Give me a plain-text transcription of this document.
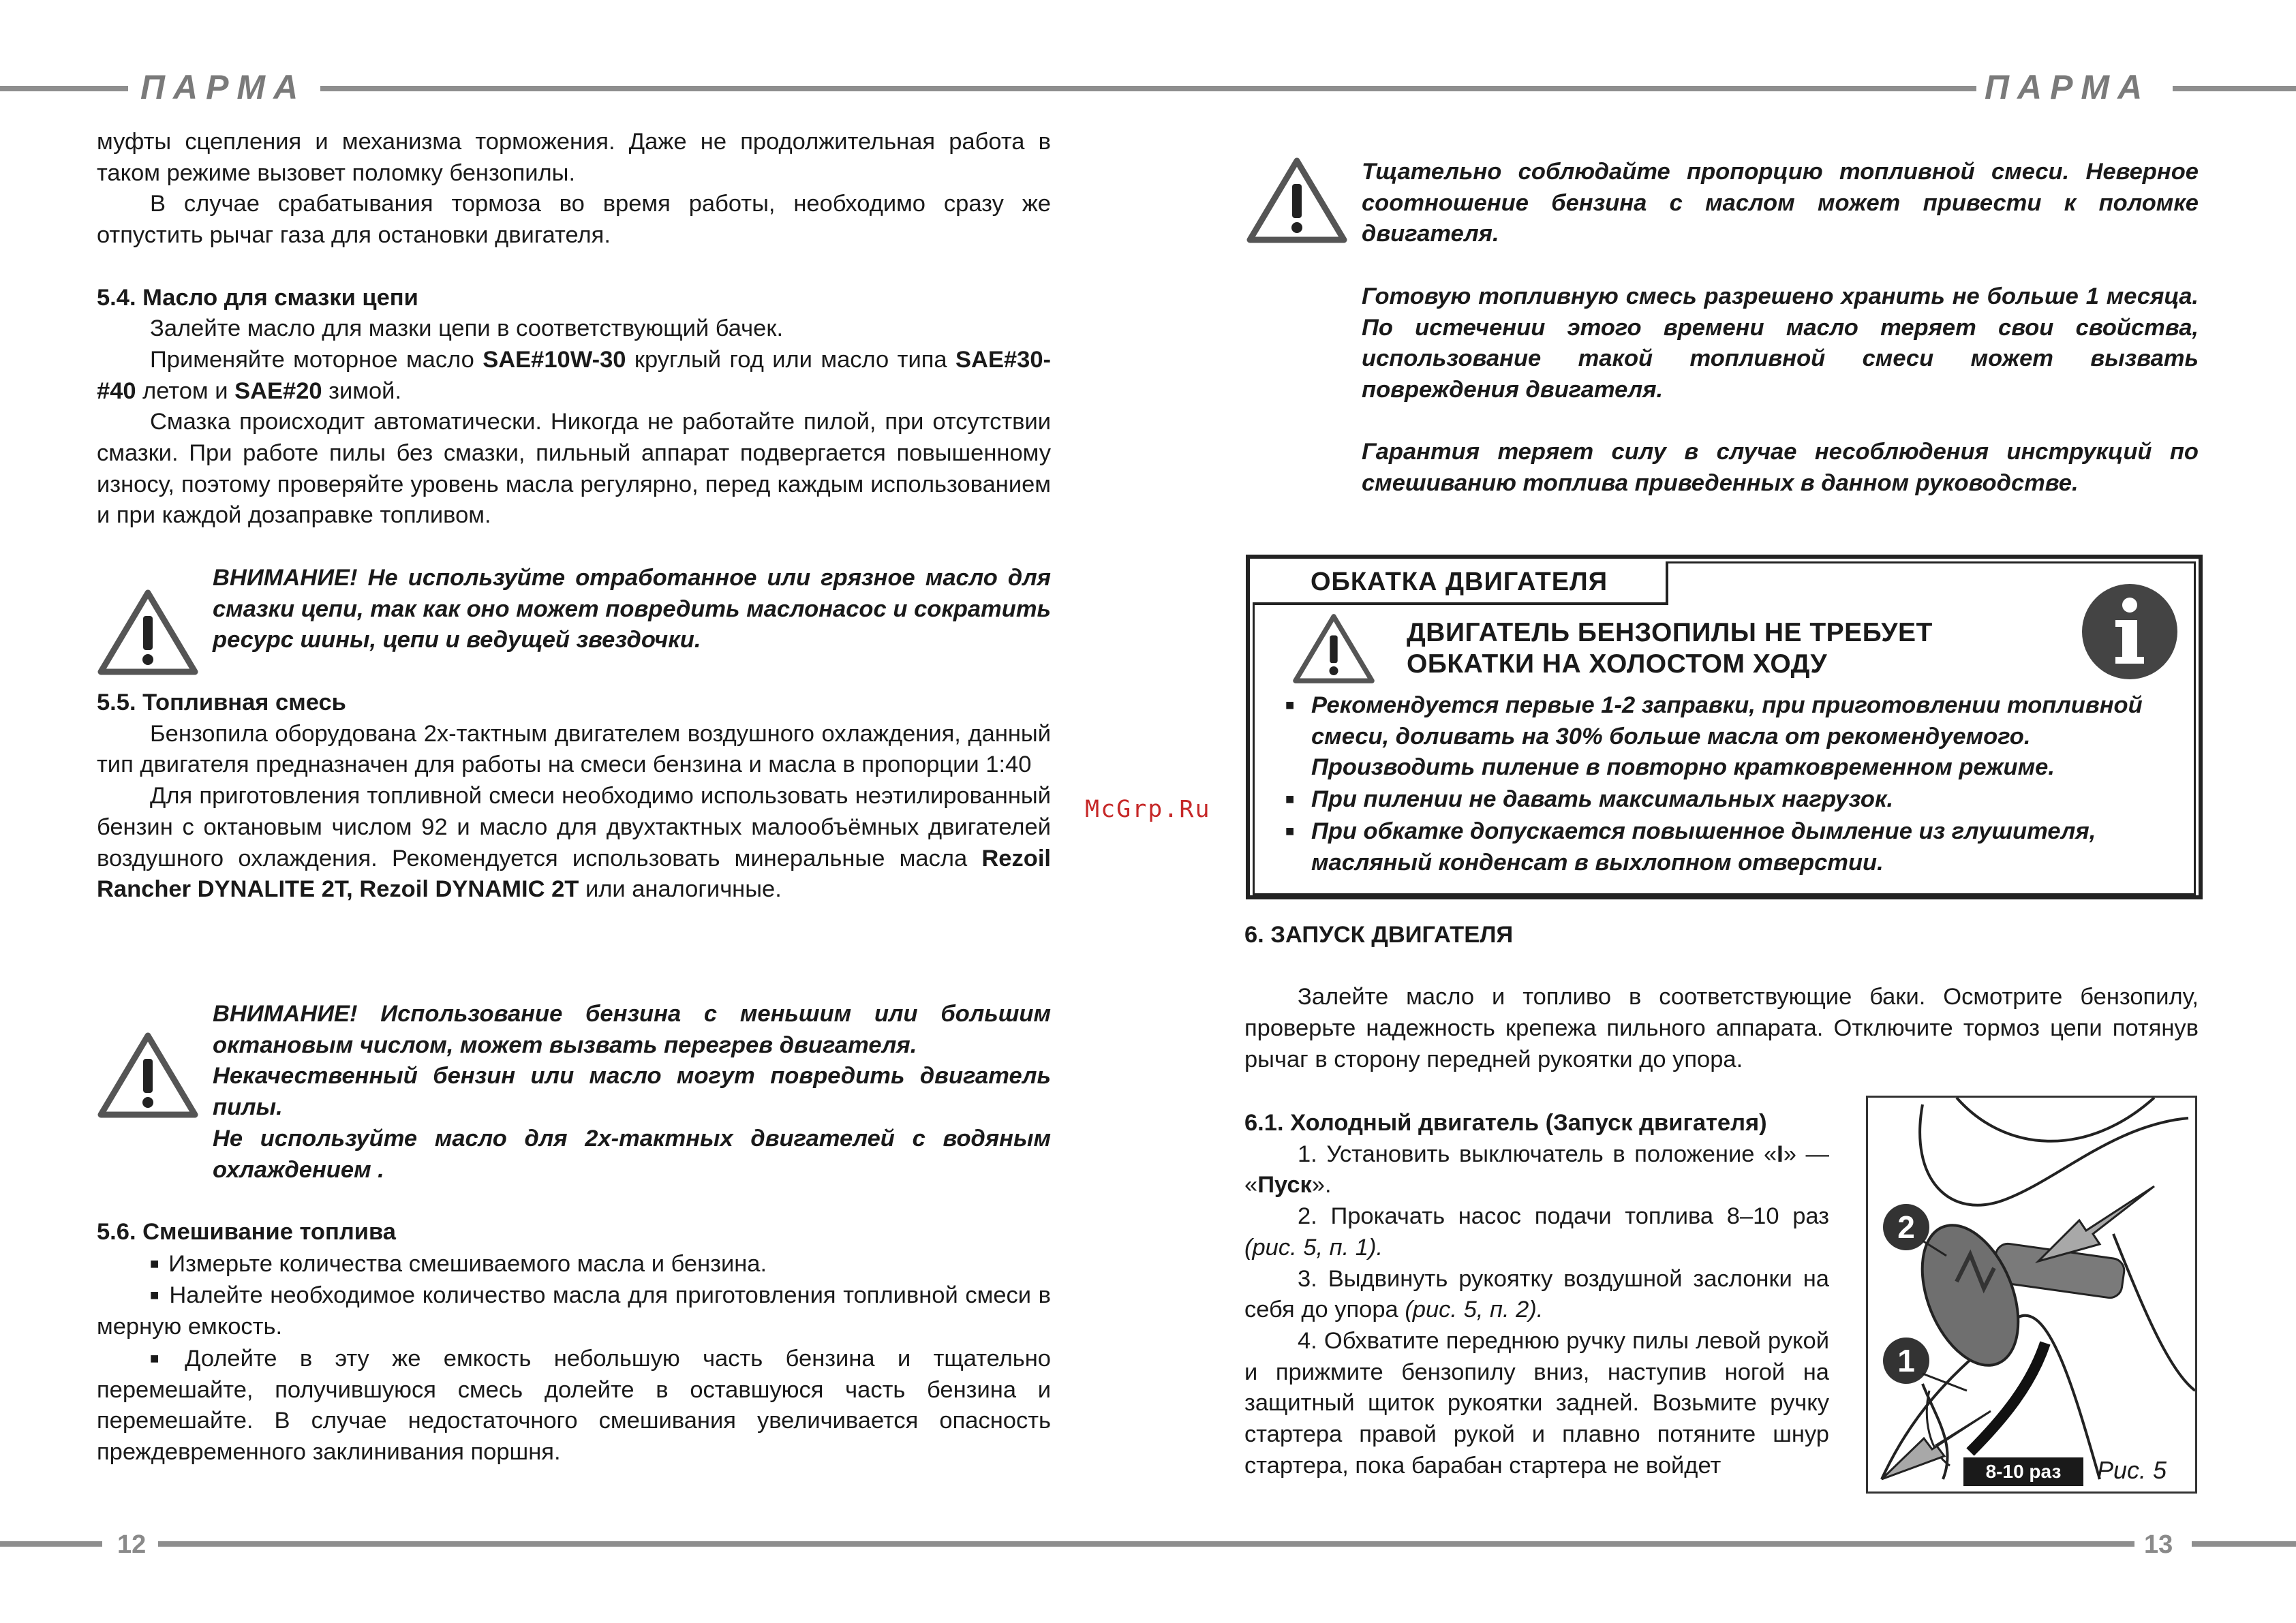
ПАРМА	ПАРМА
12	13
McGrp.Ru

муфты сцепления и механизма торможения. Даже не продолжительная работа в таком режиме вызовет поломку бензопилы.

В случае срабатывания тормоза во время работы, необходимо сразу же отпустить рычаг газа для остановки двигателя.

5.4. Масло для смазки цепи

Залейте масло для мазки цепи в соответствующий бачек.

Применяйте моторное масло SAE#10W-30 круглый год или масло типа SAE#30-#40 летом и SAE#20 зимой.

Смазка происходит автоматически. Никогда не работайте пилой, при отсутствии смазки. При работе пилы без смазки, пильный аппарат подвергается повышенному износу, поэтому проверяйте уровень масла регулярно, перед каждым использованием и при каждой дозаправке топливом.

ВНИМАНИЕ! Не используйте отработанное или грязное масло для смазки цепи, так как оно может повредить маслонасос и сократить ресурс шины, цепи и ведущей звездочки.

5.5. Топливная смесь

Бензопила оборудована 2х-тактным двигателем воздушного охлаждения, данный тип двигателя предназначен для работы на смеси бензина и масла в пропорции 1:40

Для приготовления топливной смеси необходимо использовать неэтилированный бензин с октановым числом 92 и масло для двухтактных малообъёмных двигателей воздушного охлаждения. Рекомендуется использовать минеральные масла Rezoil Rancher DYNALITE 2T, Rezoil DYNAMIC 2T или аналогичные.

ВНИМАНИЕ! Использование бензина с меньшим или большим октановым числом, может вызвать перегрев двигателя.

Некачественный бензин или масло могут повредить двигатель пилы.

Не используйте масло для 2х-тактных двигателей с водяным охлаждением .

5.6. Смешивание топлива

■ Измерьте количества смешиваемого масла и бензина.

■ Налейте необходимое количество масла для приготовления топливной смеси в мерную емкость.

■ Долейте в эту же емкость небольшую часть бензина и тщательно перемешайте, получившуюся смесь долейте в оставшуюся часть бензина и перемешайте. В случае недостаточного смешивания увеличивается опасность преждевременного заклинивания поршня.

Тщательно соблюдайте пропорцию топливной смеси. Неверное соотношение бензина с маслом может привести к поломке двигателя.

Готовую топливную смесь разрешено хранить не больше 1 месяца. По истечении этого времени масло теряет свои свойства, использование такой топливной смеси может вызвать повреждения двигателя.

Гарантия теряет силу в случае несоблюдения инструкций по смешиванию топлива приведенных в данном руководстве.

ОБКАТКА ДВИГАТЕЛЯ
ДВИГАТЕЛЬ БЕНЗОПИЛЫ НЕ ТРЕБУЕТ ОБКАТКИ НА ХОЛОСТОМ ХОДУ

■ Рекомендуется первые 1-2 заправки, при приготовлении топливной смеси, доливать на 30% больше масла от рекомендуемого. Производить пиление в повторно кратковременном режиме.

■ При пилении не давать максимальных нагрузок.

■ При обкатке допускается повышенное дымление из глушителя, масляный конденсат в выхлопном отверстии.

6. ЗАПУСК ДВИГАТЕЛЯ

Залейте масло и топливо в соответствующие баки. Осмотрите бензопилу, проверьте надежность крепежа пильного аппарата. Отключите тормоз цепи потянув рычаг в сторону передней рукоятки до упора.

6.1. Холодный двигатель (Запуск двигателя)

1. Установить выключатель в положение «I» — «Пуск».

2. Прокачать насос подачи топлива 8–10 раз (рис. 5, п. 1).

3. Выдвинуть рукоятку воздушной заслонки на себя до упора (рис. 5, п. 2).

4. Обхватите переднюю ручку пилы левой рукой и прижмите бензопилу вниз, наступив ногой на защитный щиток рукоятки задней. Возьмите ручку стартера правой рукой и плавно потяните шнур стартера, пока барабан стартера не войдет

2
1
8-10 раз	Рис. 5
